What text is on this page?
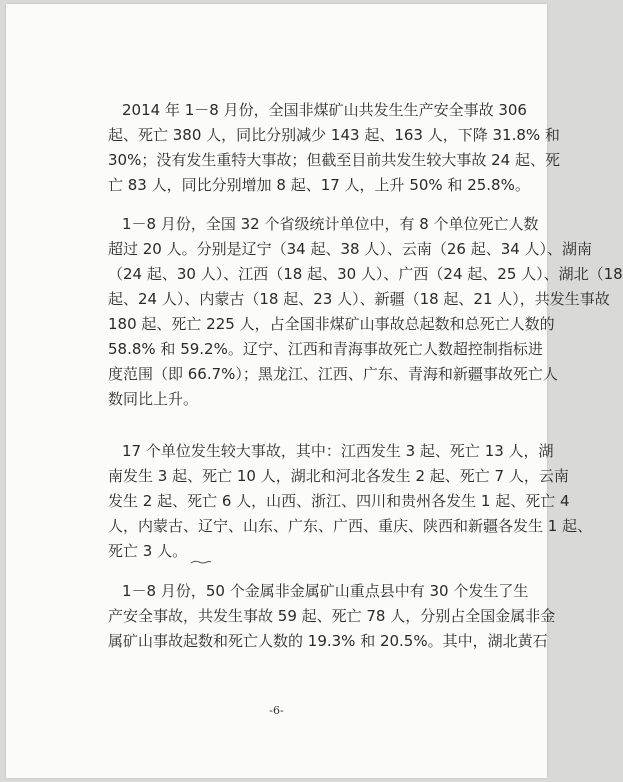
2014 年 1－8 月份，全国非煤矿山共发生生产安全事故 306
起、死亡 380 人，同比分别减少 143 起、163 人，下降 31.8% 和
30%；没有发生重特大事故；但截至目前共发生较大事故 24 起、死
亡 83 人，同比分别增加 8 起、17 人，上升 50% 和 25.8%。
1－8 月份，全国 32 个省级统计单位中，有 8 个单位死亡人数
超过 20 人。分别是辽宁（34 起、38 人）、云南（26 起、34 人）、湖南
（24 起、30 人）、江西（18 起、30 人）、广西（24 起、25 人）、湖北（18
起、24 人）、内蒙古（18 起、23 人）、新疆（18 起、21 人），共发生事故
180 起、死亡 225 人，占全国非煤矿山事故总起数和总死亡人数的
58.8% 和 59.2%。辽宁、江西和青海事故死亡人数超控制指标进
度范围（即 66.7%）；黑龙江、江西、广东、青海和新疆事故死亡人
数同比上升。
17 个单位发生较大事故，其中：江西发生 3 起、死亡 13 人，湖
南发生 3 起、死亡 10 人，湖北和河北各发生 2 起、死亡 7 人，云南
发生 2 起、死亡 6 人，山西、浙江、四川和贵州各发生 1 起、死亡 4
人，内蒙古、辽宁、山东、广东、广西、重庆、陕西和新疆各发生 1 起、
死亡 3 人。
1－8 月份，50 个金属非金属矿山重点县中有 30 个发生了生
产安全事故，共发生事故 59 起、死亡 78 人，分别占全国金属非金
属矿山事故起数和死亡人数的 19.3% 和 20.5%。其中，湖北黄石
-6-
